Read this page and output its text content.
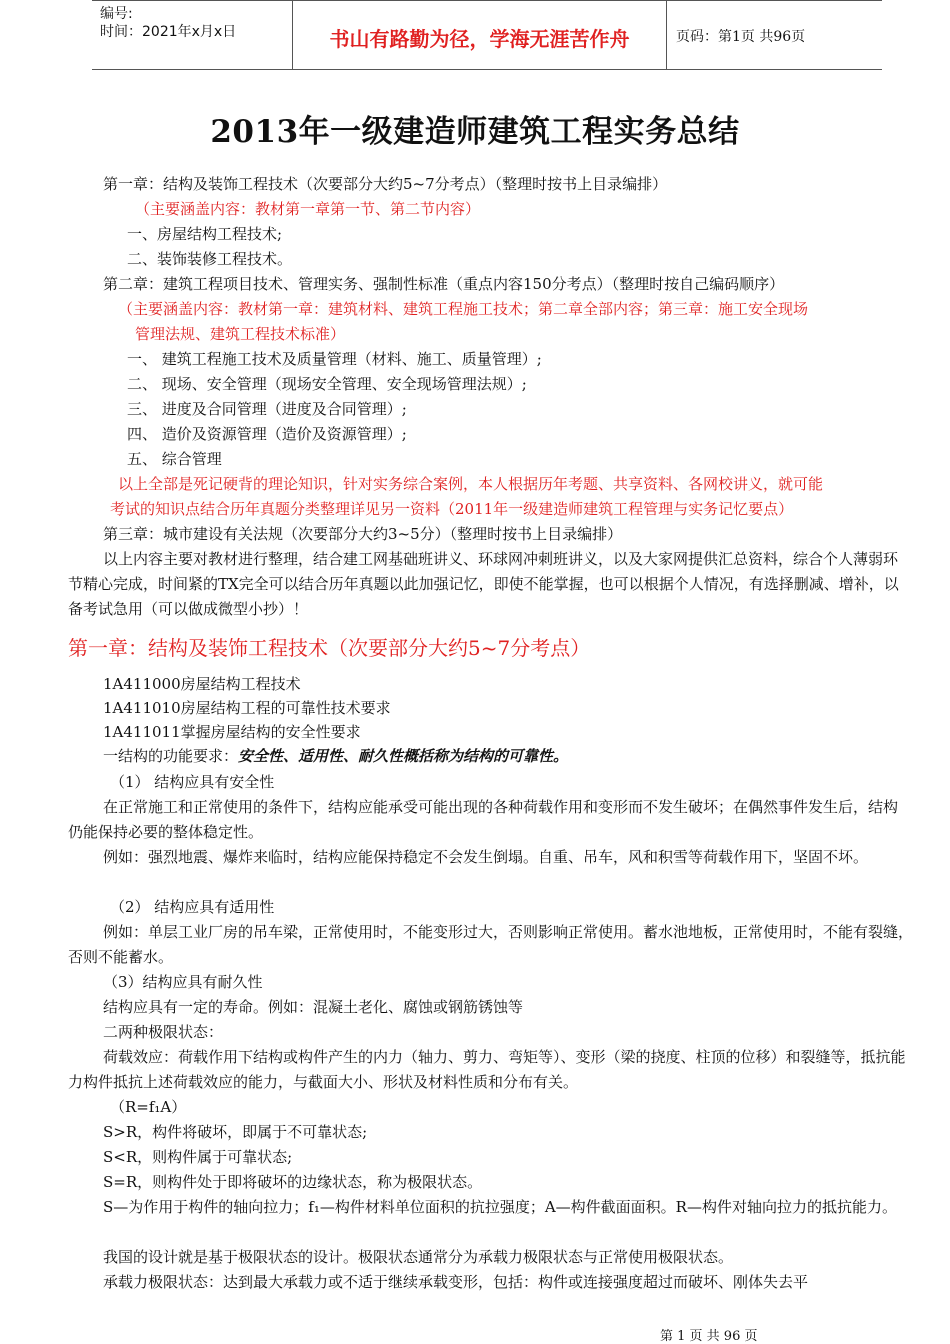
编号:
时间：2021年x月x日	书山有路勤为径，学海无涯苦作舟	页码：第1页 共96页
2013年一级建造师建筑工程实务总结
第一章：结构及装饰工程技术（次要部分大约5~7分考点）（整理时按书上目录编排）
（主要涵盖内容：教材第一章第一节、第二节内容）
一、房屋结构工程技术;
二、装饰装修工程技术。
第二章：建筑工程项目技术、管理实务、强制性标准（重点内容150分考点）（整理时按自己编码顺序）
（主要涵盖内容：教材第一章：建筑材料、建筑工程施工技术；第二章全部内容；第三章：施工安全现场
管理法规、建筑工程技术标准）
一、 建筑工程施工技术及质量管理（材料、施工、质量管理）;
二、 现场、安全管理（现场安全管理、安全现场管理法规）;
三、 进度及合同管理（进度及合同管理）;
四、 造价及资源管理（造价及资源管理）;
五、 综合管理
以上全部是死记硬背的理论知识，针对实务综合案例，本人根据历年考题、共享资料、各网校讲义，就可能
考试的知识点结合历年真题分类整理详见另一资料（2011年一级建造师建筑工程管理与实务记忆要点）
第三章：城市建设有关法规（次要部分大约3~5分）（整理时按书上目录编排）
以上内容主要对教材进行整理，结合建工网基础班讲义、环球网冲刺班讲义，以及大家网提供汇总资料，综合个人薄弱环节精心完成，时间紧的TX完全可以结合历年真题以此加强记忆，即使不能掌握，也可以根据个人情况，有选择删减、增补，以备考试急用（可以做成微型小抄）！
第一章：结构及装饰工程技术（次要部分大约5~7分考点）
1A411000房屋结构工程技术
1A411010房屋结构工程的可靠性技术要求
1A411011掌握房屋结构的安全性要求
一结构的功能要求：安全性、适用性、耐久性概括称为结构的可靠性。
（1） 结构应具有安全性
在正常施工和正常使用的条件下，结构应能承受可能出现的各种荷载作用和变形而不发生破坏；在偶然事件发生后，结构仍能保持必要的整体稳定性。
例如：强烈地震、爆炸来临时，结构应能保持稳定不会发生倒塌。自重、吊车，风和积雪等荷载作用下，坚固不坏。
（2） 结构应具有适用性
例如：单层工业厂房的吊车梁，正常使用时，不能变形过大，否则影响正常使用。蓄水池地板，正常使用时，不能有裂缝，否则不能蓄水。
（3）结构应具有耐久性
结构应具有一定的寿命。例如：混凝土老化、腐蚀或钢筋锈蚀等
二两种极限状态：
荷载效应：荷载作用下结构或构件产生的内力（轴力、剪力、弯矩等）、变形（梁的挠度、柱顶的位移）和裂缝等，抵抗能力构件抵抗上述荷载效应的能力，与截面大小、形状及材料性质和分布有关。
（R=f₁A）
S>R，构件将破坏，即属于不可靠状态;
S<R，则构件属于可靠状态;
S=R，则构件处于即将破坏的边缘状态，称为极限状态。
S—为作用于构件的轴向拉力；f₁—构件材料单位面积的抗拉强度；A—构件截面面积。R—构件对轴向拉力的抵抗能力。
我国的设计就是基于极限状态的设计。极限状态通常分为承载力极限状态与正常使用极限状态。
承载力极限状态：达到最大承载力或不适于继续承载变形，包括：构件或连接强度超过而破坏、刚体失去平
第 1 页 共 96 页
